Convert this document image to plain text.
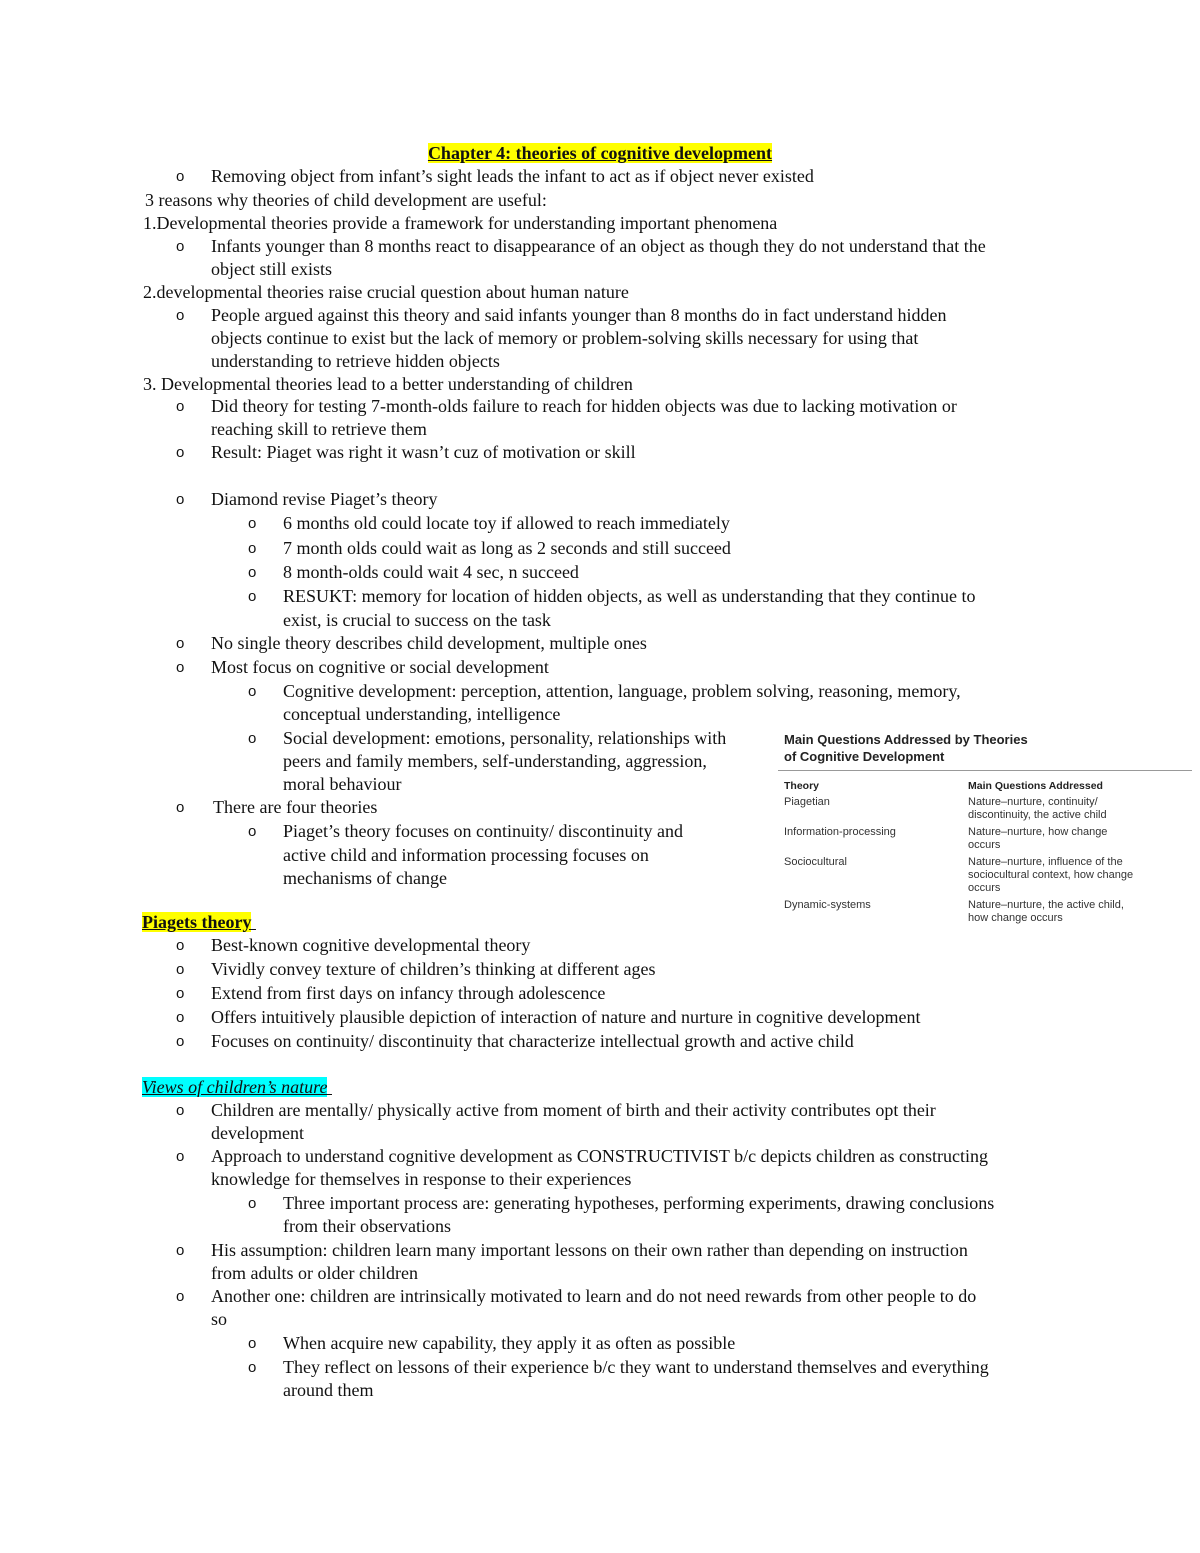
Chapter 4: theories of cognitive development
o Removing object from infant’s sight leads the infant to act as if object never existed
3 reasons why theories of child development are useful:
1.Developmental theories provide a framework for understanding important phenomena
o Infants younger than 8 months react to disappearance of an object as though they do not understand that the
object still exists
2.developmental theories raise crucial question about human nature
o People argued against this theory and said infants younger than 8 months do in fact understand hidden
objects continue to exist but the lack of memory or problem-solving skills necessary for using that
understanding to retrieve hidden objects
3. Developmental theories lead to a better understanding of children
o Did theory for testing 7-month-olds failure to reach for hidden objects was due to lacking motivation or
reaching skill to retrieve them
o Result: Piaget was right it wasn’t cuz of motivation or skill
o Diamond revise Piaget’s theory
o 6 months old could locate toy if allowed to reach immediately
o 7 month olds could wait as long as 2 seconds and still succeed
o 8 month-olds could wait 4 sec, n succeed
o RESUKT: memory for location of hidden objects, as well as understanding that they continue to
exist, is crucial to success on the task
o No single theory describes child development, multiple ones
o Most focus on cognitive or social development
o Cognitive development: perception, attention, language, problem solving, reasoning, memory,
conceptual understanding, intelligence
o Social development: emotions, personality, relationships with
peers and family members, self-understanding, aggression,
moral behaviour
o There are four theories
o Piaget’s theory focuses on continuity/ discontinuity and
active child and information processing focuses on
mechanisms of change
Main Questions Addressed by Theories
of Cognitive Development
Theory	Main Questions Addressed
Piagetian	Nature–nurture, continuity/
discontinuity, the active child
Information-processing	Nature–nurture, how change
occurs
Sociocultural	Nature–nurture, influence of the
sociocultural context, how change
occurs
Dynamic-systems	Nature–nurture, the active child,
how change occurs
Piagets theory
o Best-known cognitive developmental theory
o Vividly convey texture of children’s thinking at different ages
o Extend from first days on infancy through adolescence
o Offers intuitively plausible depiction of interaction of nature and nurture in cognitive development
o Focuses on continuity/ discontinuity that characterize intellectual growth and active child
Views of children’s nature
o Children are mentally/ physically active from moment of birth and their activity contributes opt their
development
o Approach to understand cognitive development as CONSTRUCTIVIST b/c depicts children as constructing
knowledge for themselves in response to their experiences
o Three important process are: generating hypotheses, performing experiments, drawing conclusions
from their observations
o His assumption: children learn many important lessons on their own rather than depending on instruction
from adults or older children
o Another one: children are intrinsically motivated to learn and do not need rewards from other people to do
so
o When acquire new capability, they apply it as often as possible
o They reflect on lessons of their experience b/c they want to understand themselves and everything
around them
